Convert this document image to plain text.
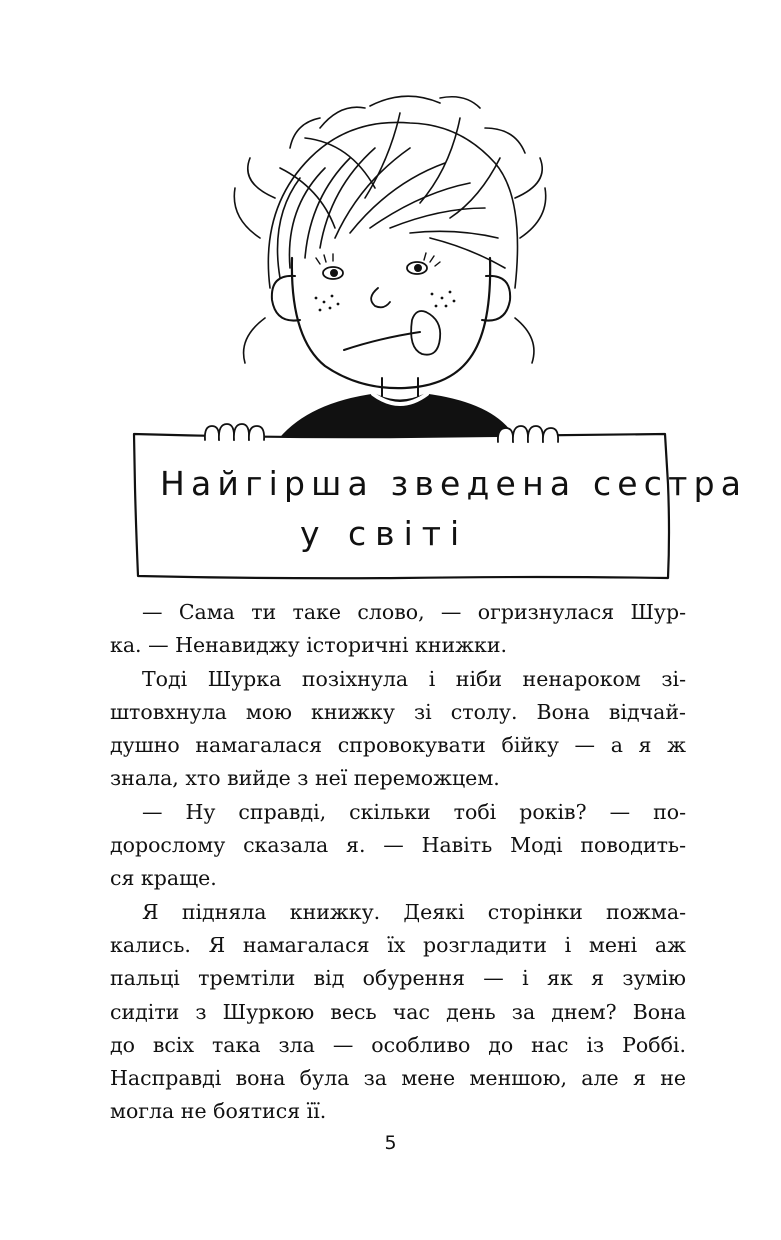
Найгірша зведена сестра
у світі

— Сама ти таке слово, — огризнулася Шур-

ка. — Ненавиджу історичні книжки.

Тоді Шурка позіхнула і ніби ненароком зі-

штовхнула мою книжку зі столу. Вона відчай-

душно намагалася спровокувати бійку — а я ж

знала, хто вийде з неї переможцем.

— Ну справді, скільки тобі років? — по-

дорослому сказала я. — Навіть Моді поводить-

ся краще.

Я підняла книжку. Деякі сторінки пожма-

кались. Я намагалася їх розгладити і мені аж

пальці тремтіли від обурення — і як я зумію

сидіти з Шуркою весь час день за днем? Вона

до всіх така зла — особливо до нас із Роббі.

Насправді вона була за мене меншою, але я не

могла не боятися її.

5
